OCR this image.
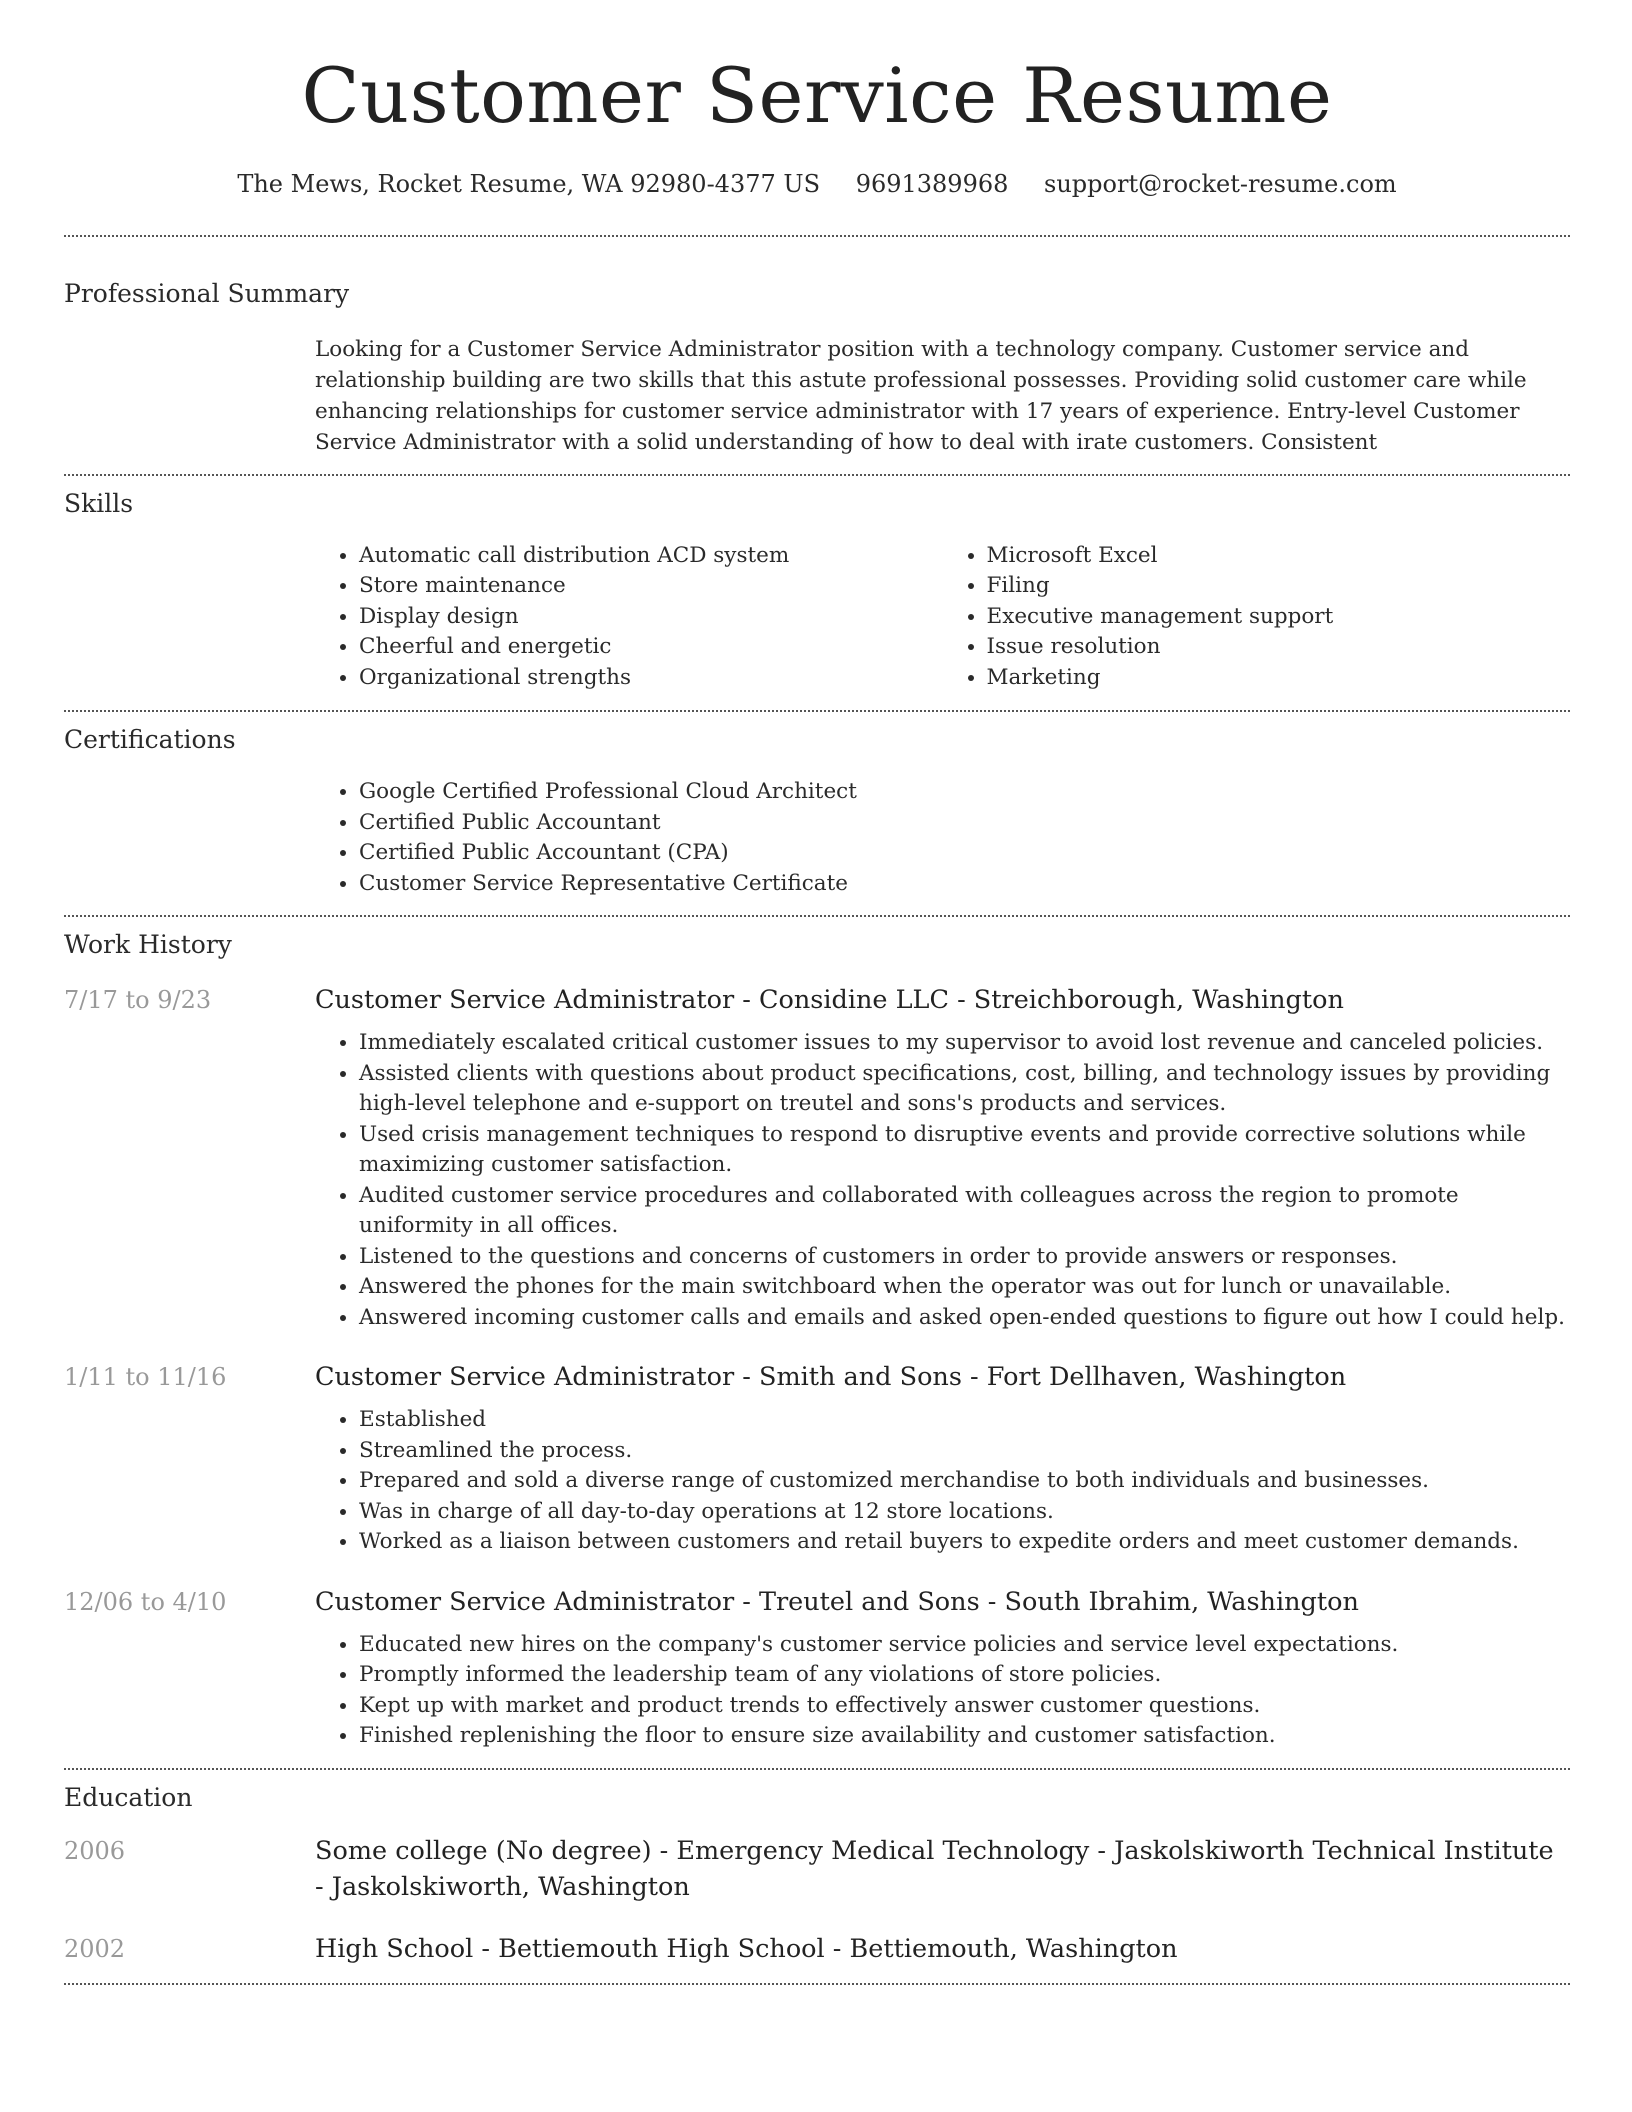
Customer Service Resume
The Mews, Rocket Resume, WA 92980-4377 US 9691389968 support@rocket-resume.com
Professional Summary
Looking for a Customer Service Administrator position with a technology company. Customer service and relationship building are two skills that this astute professional possesses. Providing solid customer care while enhancing relationships for customer service administrator with 17 years of experience. Entry-level Customer Service Administrator with a solid understanding of how to deal with irate customers. Consistent
Skills
• Automatic call distribution ACD system
• Store maintenance
• Display design
• Cheerful and energetic
• Organizational strengths
• Microsoft Excel
• Filing
• Executive management support
• Issue resolution
• Marketing
Certifications
• Google Certified Professional Cloud Architect
• Certified Public Accountant
• Certified Public Accountant (CPA)
• Customer Service Representative Certificate
Work History
7/17 to 9/23	Customer Service Administrator - Considine LLC - Streichborough, Washington
• Immediately escalated critical customer issues to my supervisor to avoid lost revenue and canceled policies.
• Assisted clients with questions about product specifications, cost, billing, and technology issues by providing high-level telephone and e-support on treutel and sons's products and services.
• Used crisis management techniques to respond to disruptive events and provide corrective solutions while maximizing customer satisfaction.
• Audited customer service procedures and collaborated with colleagues across the region to promote uniformity in all offices.
• Listened to the questions and concerns of customers in order to provide answers or responses.
• Answered the phones for the main switchboard when the operator was out for lunch or unavailable.
• Answered incoming customer calls and emails and asked open-ended questions to figure out how I could help.
1/11 to 11/16	Customer Service Administrator - Smith and Sons - Fort Dellhaven, Washington
• Established
• Streamlined the process.
• Prepared and sold a diverse range of customized merchandise to both individuals and businesses.
• Was in charge of all day-to-day operations at 12 store locations.
• Worked as a liaison between customers and retail buyers to expedite orders and meet customer demands.
12/06 to 4/10	Customer Service Administrator - Treutel and Sons - South Ibrahim, Washington
• Educated new hires on the company's customer service policies and service level expectations.
• Promptly informed the leadership team of any violations of store policies.
• Kept up with market and product trends to effectively answer customer questions.
• Finished replenishing the floor to ensure size availability and customer satisfaction.
Education
2006	Some college (No degree) - Emergency Medical Technology - Jaskolskiworth Technical Institute - Jaskolskiworth, Washington
2002	High School - Bettiemouth High School - Bettiemouth, Washington
